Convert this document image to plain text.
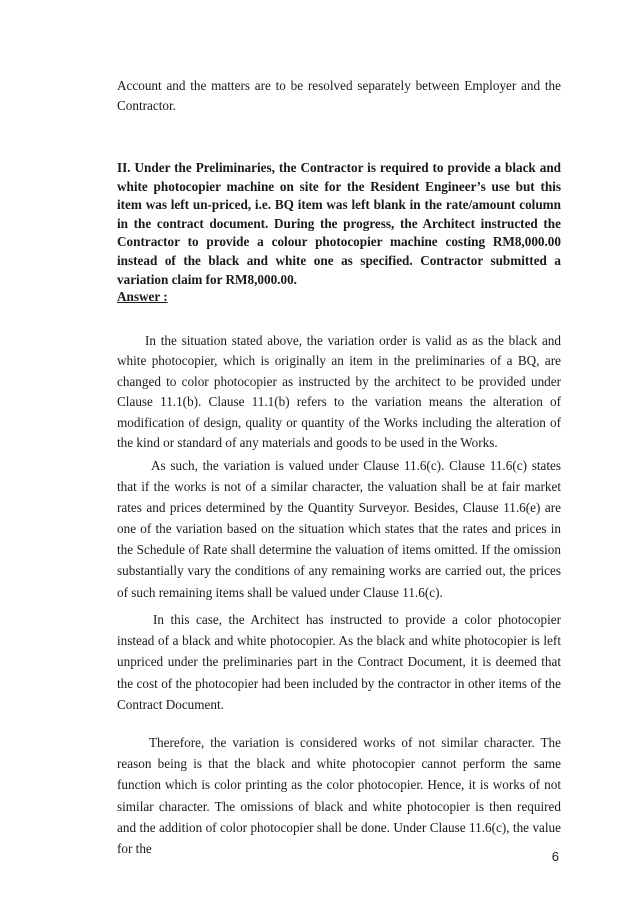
Account and the matters are to be resolved separately between Employer and the Contractor.

II. Under the Preliminaries, the Contractor is required to provide a black and white photocopier machine on site for the Resident Engineer’s use but this item was left un-priced, i.e. BQ item was left blank in the rate/amount column in the contract document. During the progress, the Architect instructed the Contractor to provide a colour photocopier machine costing RM8,000.00 instead of the black and white one as specified. Contractor submitted a variation claim for RM8,000.00.

Answer :

In the situation stated above, the variation order is valid as as the black and white photocopier, which is originally an item in the preliminaries of a BQ, are changed to color photocopier as instructed by the architect to be provided under Clause 11.1(b). Clause 11.1(b) refers to the variation means the alteration of modification of design, quality or quantity of the Works including the alteration of the kind or standard of any materials and goods to be used in the Works.

As such, the variation is valued under Clause 11.6(c). Clause 11.6(c) states that if the works is not of a similar character, the valuation shall be at fair market rates and prices determined by the Quantity Surveyor. Besides, Clause 11.6(e) are one of the variation based on the situation which states that the rates and prices in the Schedule of Rate shall determine the valuation of items omitted. If the omission substantially vary the conditions of any remaining works are carried out, the prices of such remaining items shall be valued under Clause 11.6(c).

In this case, the Architect has instructed to provide a color photocopier instead of a black and white photocopier. As the black and white photocopier is left unpriced under the preliminaries part in the Contract Document, it is deemed that the cost of the photocopier had been included by the contractor in other items of the Contract Document.

Therefore, the variation is considered works of not similar character. The reason being is that the black and white photocopier cannot perform the same function which is color printing as the color photocopier. Hence, it is works of not similar character. The omissions of black and white photocopier is then required and the addition of color photocopier shall be done. Under Clause 11.6(c), the value for the

6
